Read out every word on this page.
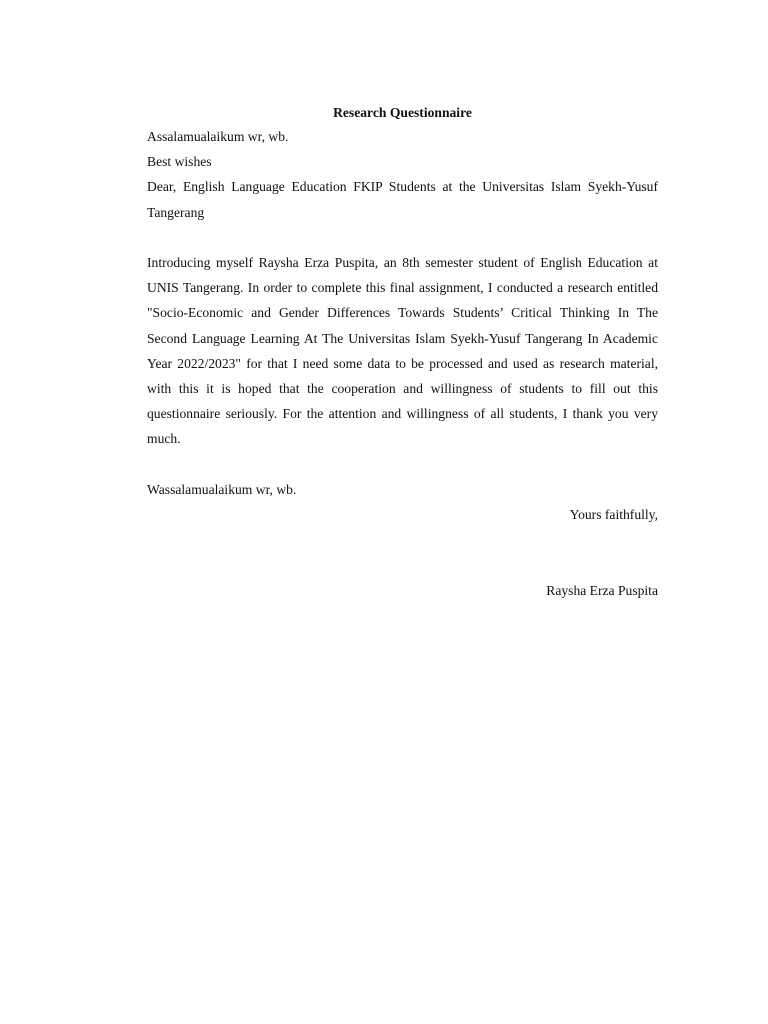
Research Questionnaire

Assalamualaikum wr, wb.

Best wishes

Dear, English Language Education FKIP Students at the Universitas Islam Syekh-Yusuf Tangerang

Introducing myself Raysha Erza Puspita, an 8th semester student of English Education at UNIS Tangerang. In order to complete this final assignment, I conducted a research entitled "Socio-Economic and Gender Differences Towards Students’ Critical Thinking In The Second Language Learning At The Universitas Islam Syekh-Yusuf Tangerang In Academic Year 2022/2023" for that I need some data to be processed and used as research material, with this it is hoped that the cooperation and willingness of students to fill out this questionnaire seriously. For the attention and willingness of all students, I thank you very much.

Wassalamualaikum wr, wb.

Yours faithfully,

Raysha Erza Puspita
